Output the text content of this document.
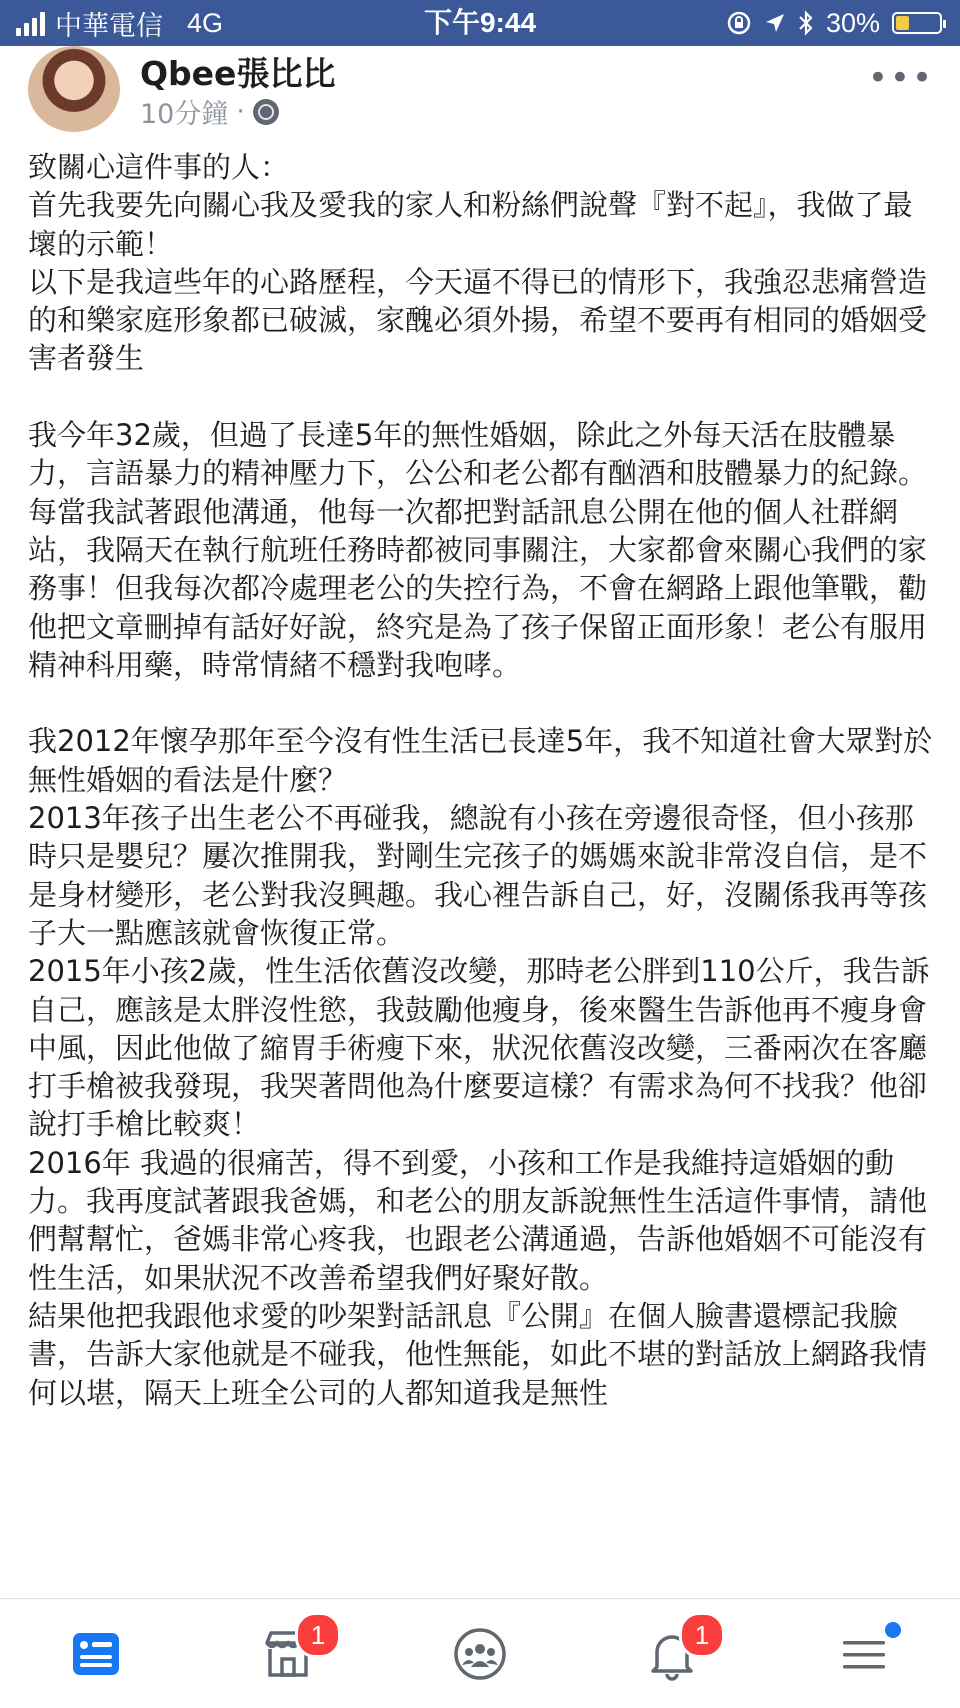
中華電信 4G	下午9:44	30%
Qbee張比比
10分鐘 ·
•••

致關心這件事的人：

首先我要先向關心我及愛我的家人和粉絲們說聲『對不起』，我做了最壞的示範！

以下是我這些年的心路歷程，今天逼不得已的情形下，我強忍悲痛營造的和樂家庭形象都已破滅，家醜必須外揚，希望不要再有相同的婚姻受害者發生

我今年32歲，但過了長達5年的無性婚姻，除此之外每天活在肢體暴力，言語暴力的精神壓力下，公公和老公都有酗酒和肢體暴力的紀錄。每當我試著跟他溝通，他每一次都把對話訊息公開在他的個人社群網站，我隔天在執行航班任務時都被同事關注，大家都會來關心我們的家務事！但我每次都冷處理老公的失控行為，不會在網路上跟他筆戰，勸他把文章刪掉有話好好說，終究是為了孩子保留正面形象！老公有服用精神科用藥，時常情緒不穩對我咆哮。

我2012年懷孕那年至今沒有性生活已長達5年，我不知道社會大眾對於無性婚姻的看法是什麼？

2013年孩子出生老公不再碰我，總說有小孩在旁邊很奇怪，但小孩那時只是嬰兒？屢次推開我，對剛生完孩子的媽媽來說非常沒自信，是不是身材變形，老公對我沒興趣。我心裡告訴自己，好，沒關係我再等孩子大一點應該就會恢復正常。

2015年小孩2歲，性生活依舊沒改變，那時老公胖到110公斤，我告訴自己，應該是太胖沒性慾，我鼓勵他瘦身，後來醫生告訴他再不瘦身會中風，因此他做了縮胃手術瘦下來，狀況依舊沒改變，三番兩次在客廳打手槍被我發現，我哭著問他為什麼要這樣？有需求為何不找我？他卻說打手槍比較爽！

2016年 我過的很痛苦，得不到愛，小孩和工作是我維持這婚姻的動力。我再度試著跟我爸媽，和老公的朋友訴說無性生活這件事情，請他們幫幫忙，爸媽非常心疼我，也跟老公溝通過，告訴他婚姻不可能沒有性生活，如果狀況不改善希望我們好聚好散。

結果他把我跟他求愛的吵架對話訊息『公開』在個人臉書還標記我臉書，告訴大家他就是不碰我，他性無能，如此不堪的對話放上網路我情何以堪，隔天上班全公司的人都知道我是無性

1	1
